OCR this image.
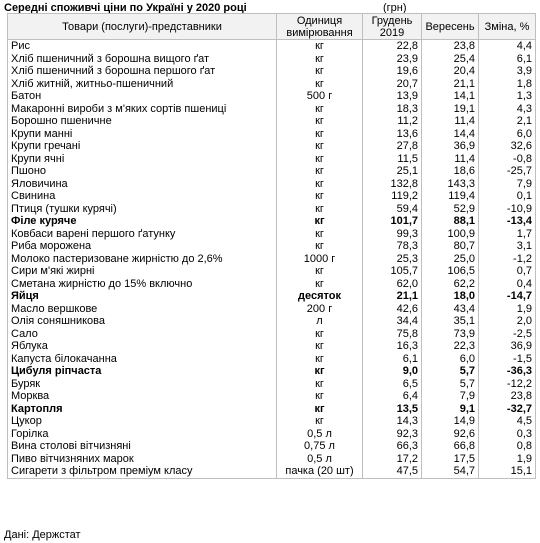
Середні споживчі ціни по Україні у 2020 році	(грн)
Товари (послуги)-представники	Одиниця вимірювання	Грудень 2019	Вересень	Зміна, %
Рис	кг	22,8	23,8	4,4
Хліб пшеничний з борошна вищого ґат	кг	23,9	25,4	6,1
Хліб пшеничний з борошна першого ґат	кг	19,6	20,4	3,9
Хліб житній, житньо-пшеничний	кг	20,7	21,1	1,8
Батон	500 г	13,9	14,1	1,3
Макаронні вироби з м'яких сортів пшениці	кг	18,3	19,1	4,3
Борошно пшеничне	кг	11,2	11,4	2,1
Крупи манні	кг	13,6	14,4	6,0
Крупи гречані	кг	27,8	36,9	32,6
Крупи ячні	кг	11,5	11,4	-0,8
Пшоно	кг	25,1	18,6	-25,7
Яловичина	кг	132,8	143,3	7,9
Свинина	кг	119,2	119,4	0,1
Птиця (тушки курячі)	кг	59,4	52,9	-10,9
Філе куряче	кг	101,7	88,1	-13,4
Ковбаси варені першого ґатунку	кг	99,3	100,9	1,7
Риба морожена	кг	78,3	80,7	3,1
Молоко пастеризоване жирністю до 2,6%	1000 г	25,3	25,0	-1,2
Сири м'які жирні	кг	105,7	106,5	0,7
Сметана жирністю до 15% включно	кг	62,0	62,2	0,4
Яйця	десяток	21,1	18,0	-14,7
Масло вершкове	200 г	42,6	43,4	1,9
Олія соняшникова	л	34,4	35,1	2,0
Сало	кг	75,8	73,9	-2,5
Яблука	кг	16,3	22,3	36,9
Капуста білокачанна	кг	6,1	6,0	-1,5
Цибуля ріпчаста	кг	9,0	5,7	-36,3
Буряк	кг	6,5	5,7	-12,2
Морква	кг	6,4	7,9	23,8
Картопля	кг	13,5	9,1	-32,7
Цукор	кг	14,3	14,9	4,5
Горілка	0,5 л	92,3	92,6	0,3
Вина столові вітчизняні	0,75 л	66,3	66,8	0,8
Пиво вітчизняних марок	0,5 л	17,2	17,5	1,9
Сигарети з фільтром преміум класу	пачка (20 шт)	47,5	54,7	15,1
Дані: Держстат
